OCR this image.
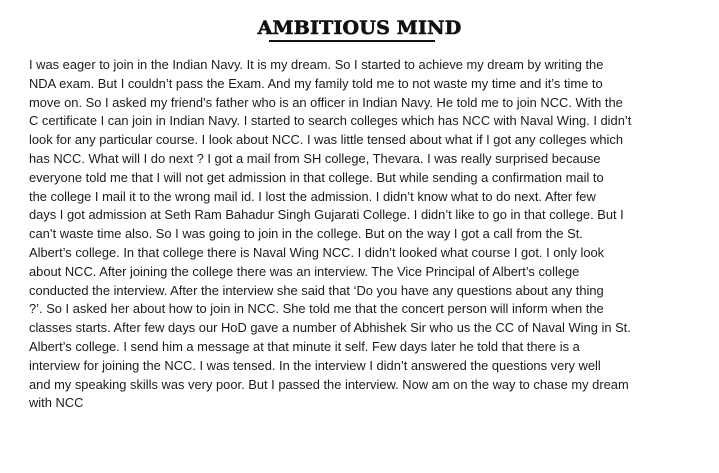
AMBITIOUS MIND
I was eager to join in the Indian Navy. It is my dream. So I started to achieve my dream by writing the
NDA exam. But I couldn’t pass the Exam. And my family told me to not waste my time and it’s time to
move on. So I asked my friend's father who is an officer in Indian Navy. He told me to join NCC. With the
C certificate I can join in Indian Navy. I started to search colleges which has NCC with Naval Wing. I didn’t
look for any particular course. I look about NCC. I was little tensed about what if I got any colleges which
has NCC. What will I do next ? I got a mail from SH college, Thevara. I was really surprised because
everyone told me that I will not get admission in that college. But while sending a confirmation mail to
the college I mail it to the wrong mail id. I lost the admission. I didn’t know what to do next. After few
days I got admission at Seth Ram Bahadur Singh Gujarati College. I didn’t like to go in that college. But I
can’t waste time also. So I was going to join in the college. But on the way I got a call from the St.
Albert’s college. In that college there is Naval Wing NCC. I didn’t looked what course I got. I only look
about NCC. After joining the college there was an interview. The Vice Principal of Albert’s college
conducted the interview. After the interview she said that ‘Do you have any questions about any thing
?’. So I asked her about how to join in NCC. She told me that the concert person will inform when the
classes starts. After few days our HoD gave a number of Abhishek Sir who us the CC of Naval Wing in St.
Albert’s college. I send him a message at that minute it self. Few days later he told that there is a
interview for joining the NCC. I was tensed. In the interview I didn’t answered the questions very well
and my speaking skills was very poor. But I passed the interview. Now am on the way to chase my dream
with NCC
